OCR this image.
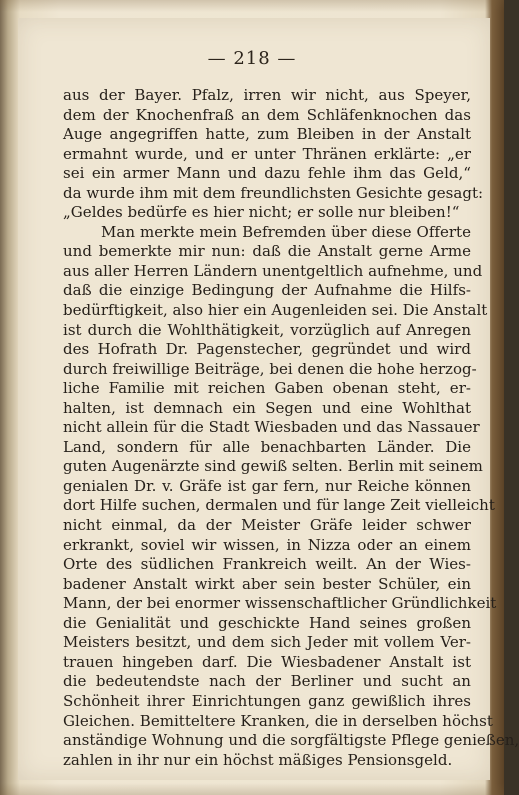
— 218 —
aus der Bayer. Pfalz, irren wir nicht, aus Speyer,
dem der Knochenfraß an dem Schläfenknochen das
Auge angegriffen hatte, zum Bleiben in der Anstalt
ermahnt wurde, und er unter Thränen erklärte: „er
sei ein armer Mann und dazu fehle ihm das Geld,“
da wurde ihm mit dem freundlichsten Gesichte gesagt:
„Geldes bedürfe es hier nicht; er solle nur bleiben!“
Man merkte mein Befremden über diese Offerte
und bemerkte mir nun: daß die Anstalt gerne Arme
aus aller Herren Ländern unentgeltlich aufnehme, und
daß die einzige Bedingung der Aufnahme die Hilfs-
bedürftigkeit, also hier ein Augenleiden sei. Die Anstalt
ist durch die Wohlthätigkeit, vorzüglich auf Anregen
des Hofrath Dr. Pagenstecher, gegründet und wird
durch freiwillige Beiträge, bei denen die hohe herzog-
liche Familie mit reichen Gaben obenan steht, er-
halten, ist demnach ein Segen und eine Wohlthat
nicht allein für die Stadt Wiesbaden und das Nassauer
Land, sondern für alle benachbarten Länder. Die
guten Augenärzte sind gewiß selten. Berlin mit seinem
genialen Dr. v. Gräfe ist gar fern, nur Reiche können
dort Hilfe suchen, dermalen und für lange Zeit vielleicht
nicht einmal, da der Meister Gräfe leider schwer
erkrankt, soviel wir wissen, in Nizza oder an einem
Orte des südlichen Frankreich weilt. An der Wies-
badener Anstalt wirkt aber sein bester Schüler, ein
Mann, der bei enormer wissenschaftlicher Gründlichkeit
die Genialität und geschickte Hand seines großen
Meisters besitzt, und dem sich Jeder mit vollem Ver-
trauen hingeben darf. Die Wiesbadener Anstalt ist
die bedeutendste nach der Berliner und sucht an
Schönheit ihrer Einrichtungen ganz gewißlich ihres
Gleichen. Bemitteltere Kranken, die in derselben höchst
anständige Wohnung und die sorgfältigste Pflege genießen,
zahlen in ihr nur ein höchst mäßiges Pensionsgeld.
